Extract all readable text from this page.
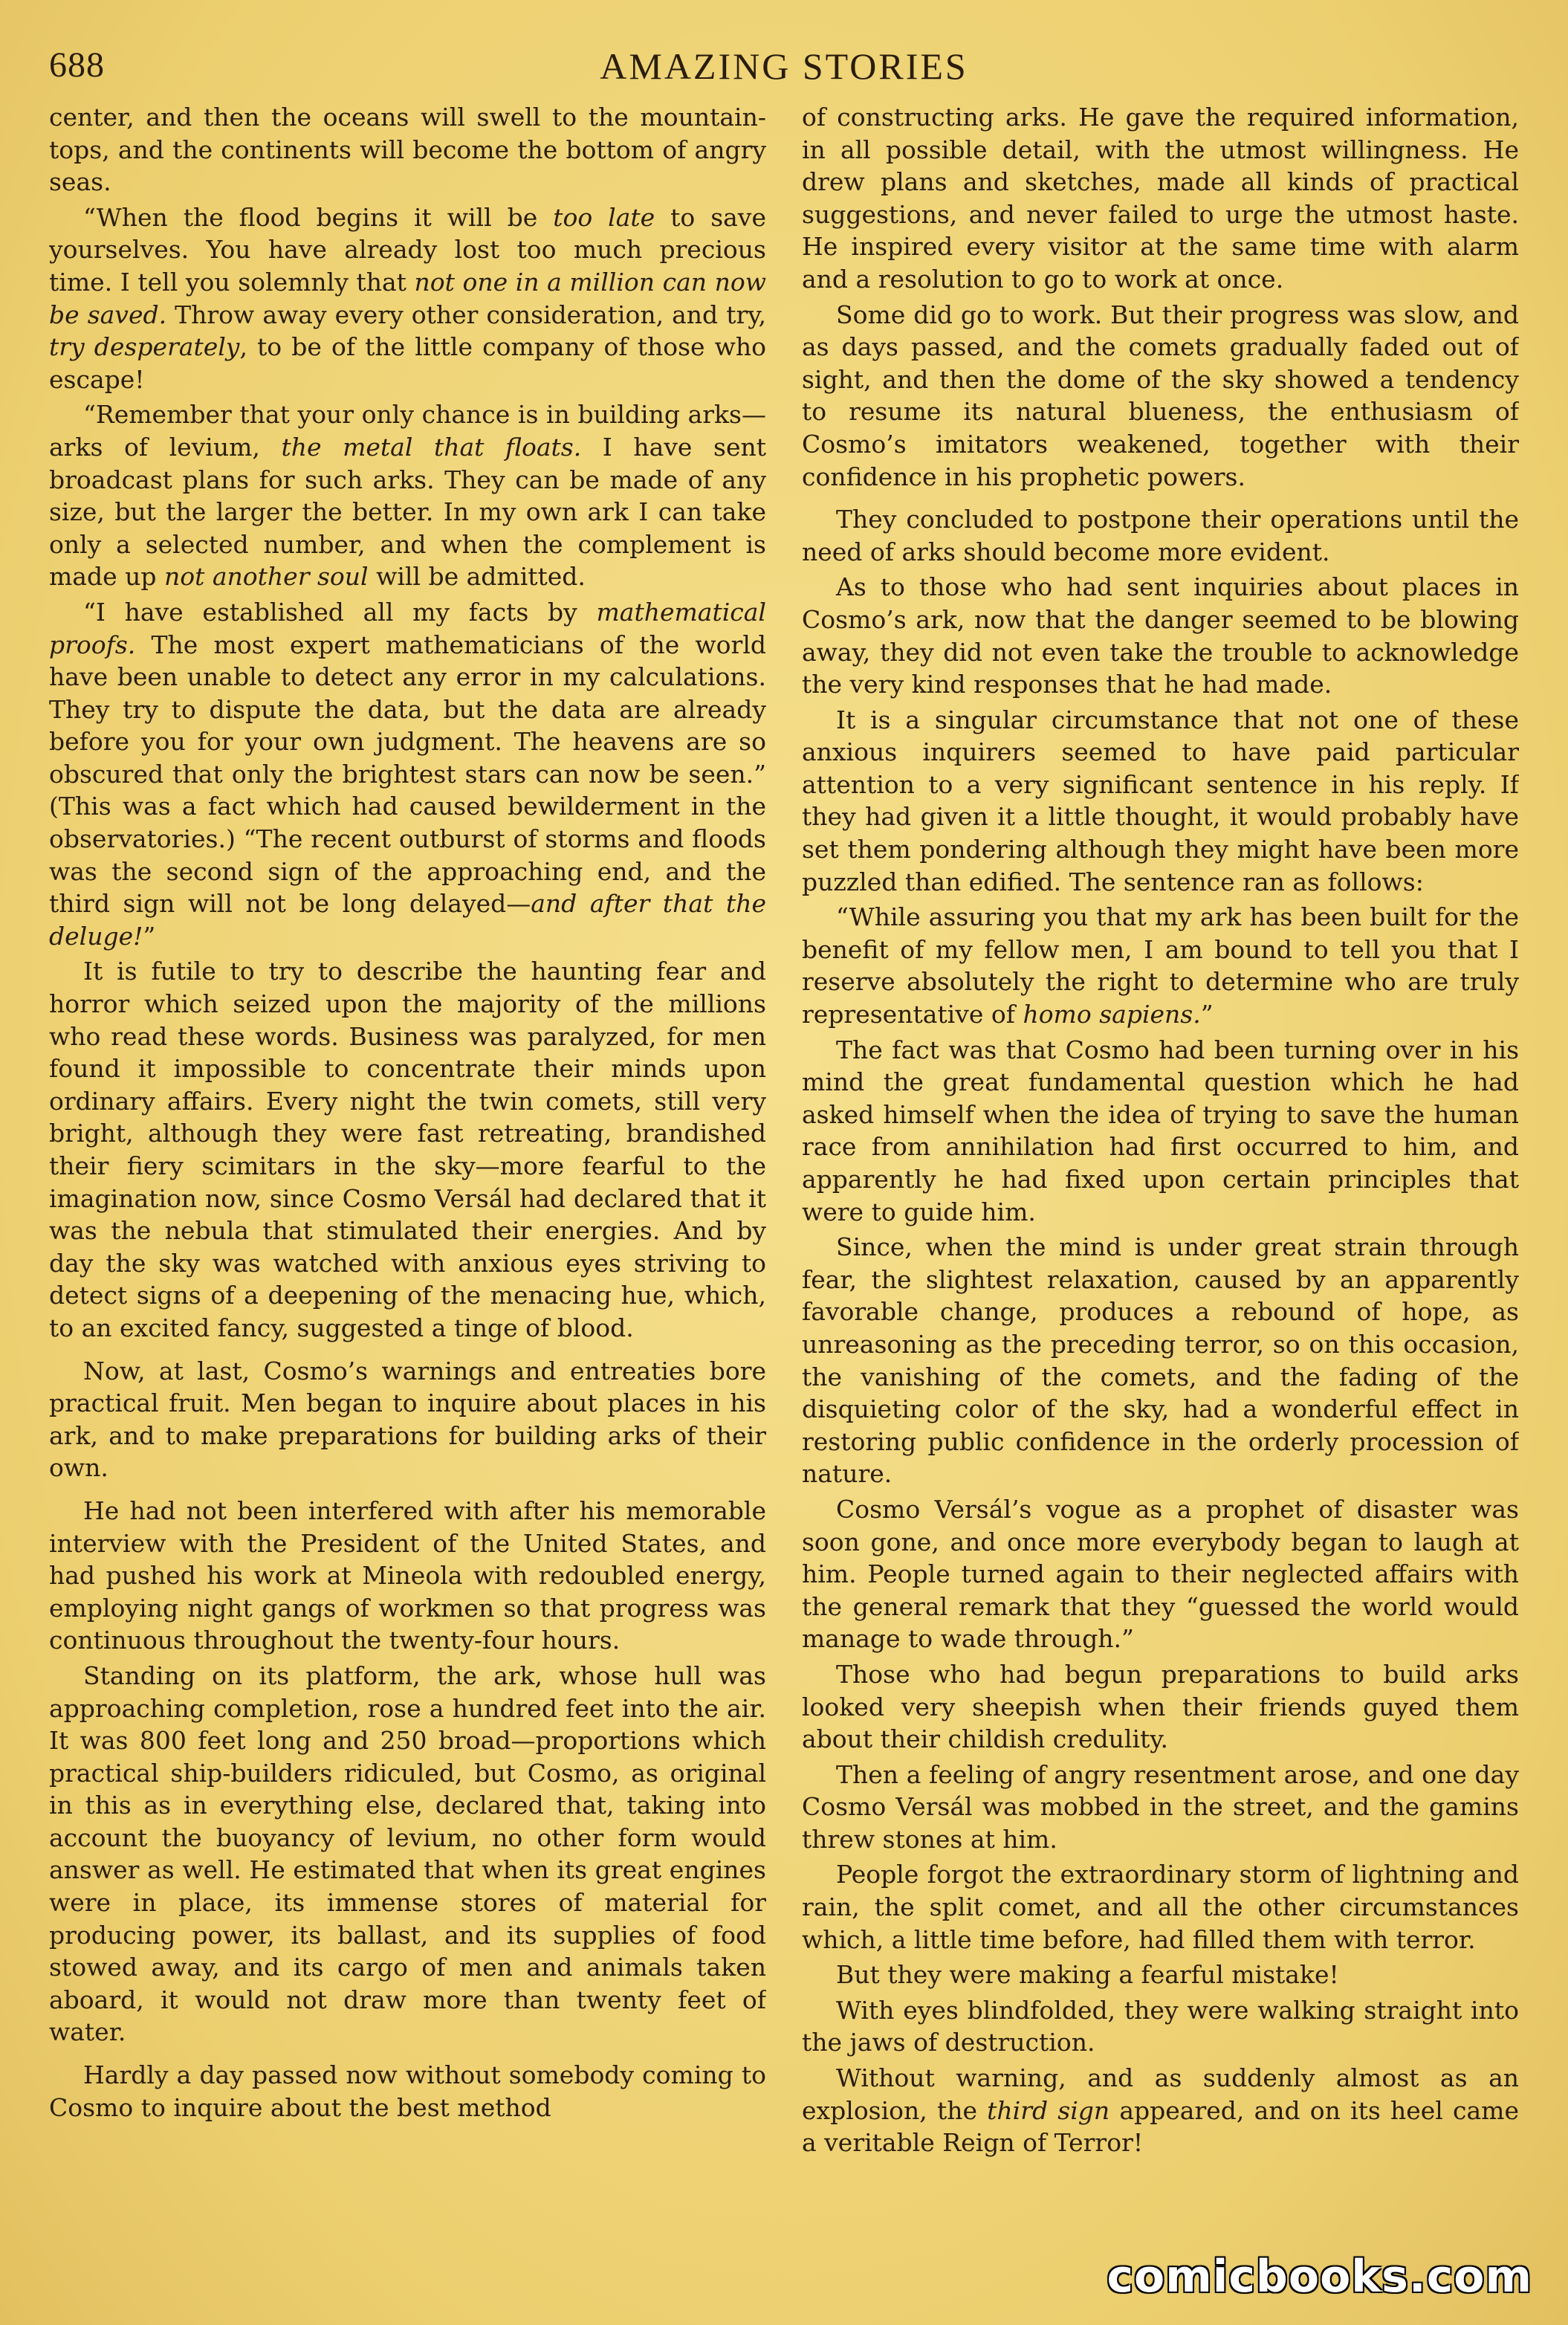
688	AMAZING STORIES

center, and then the oceans will swell to the mountain-tops, and the continents will become the bottom of angry seas.

“When the flood begins it will be too late to save yourselves. You have already lost too much precious time. I tell you solemnly that not one in a million can now be saved. Throw away every other consideration, and try, try desperately, to be of the little company of those who escape!

“Remember that your only chance is in building arks—arks of levium, the metal that floats. I have sent broadcast plans for such arks. They can be made of any size, but the larger the better. In my own ark I can take only a selected number, and when the complement is made up not another soul will be admitted.

“I have established all my facts by mathematical proofs. The most expert mathematicians of the world have been unable to detect any error in my calculations. They try to dispute the data, but the data are already before you for your own judgment. The heavens are so obscured that only the brightest stars can now be seen.” (This was a fact which had caused bewilderment in the observatories.) “The recent outburst of storms and floods was the second sign of the approaching end, and the third sign will not be long delayed—and after that the deluge!”

It is futile to try to describe the haunting fear and horror which seized upon the majority of the millions who read these words. Business was paralyzed, for men found it impossible to concentrate their minds upon ordinary affairs. Every night the twin comets, still very bright, although they were fast retreating, brandished their fiery scimitars in the sky—more fearful to the imagination now, since Cosmo Versál had declared that it was the nebula that stimulated their energies. And by day the sky was watched with anxious eyes striving to detect signs of a deepening of the menacing hue, which, to an excited fancy, suggested a tinge of blood.

Now, at last, Cosmo’s warnings and entreaties bore practical fruit. Men began to inquire about places in his ark, and to make preparations for building arks of their own.

He had not been interfered with after his memorable interview with the President of the United States, and had pushed his work at Mineola with redoubled energy, employing night gangs of workmen so that progress was continuous throughout the twenty-four hours.

Standing on its platform, the ark, whose hull was approaching completion, rose a hundred feet into the air. It was 800 feet long and 250 broad—proportions which practical ship-builders ridiculed, but Cosmo, as original in this as in everything else, declared that, taking into account the buoyancy of levium, no other form would answer as well. He estimated that when its great engines were in place, its immense stores of material for producing power, its ballast, and its supplies of food stowed away, and its cargo of men and animals taken aboard, it would not draw more than twenty feet of water.

Hardly a day passed now without somebody coming to Cosmo to inquire about the best method

of constructing arks. He gave the required information, in all possible detail, with the utmost willingness. He drew plans and sketches, made all kinds of practical suggestions, and never failed to urge the utmost haste. He inspired every visitor at the same time with alarm and a resolution to go to work at once.

Some did go to work. But their progress was slow, and as days passed, and the comets gradually faded out of sight, and then the dome of the sky showed a tendency to resume its natural blueness, the enthusiasm of Cosmo’s imitators weakened, together with their confidence in his prophetic powers.

They concluded to postpone their operations until the need of arks should become more evident.

As to those who had sent inquiries about places in Cosmo’s ark, now that the danger seemed to be blowing away, they did not even take the trouble to acknowledge the very kind responses that he had made.

It is a singular circumstance that not one of these anxious inquirers seemed to have paid particular attention to a very significant sentence in his reply. If they had given it a little thought, it would probably have set them pondering although they might have been more puzzled than edified. The sentence ran as follows:

“While assuring you that my ark has been built for the benefit of my fellow men, I am bound to tell you that I reserve absolutely the right to determine who are truly representative of homo sapiens.”

The fact was that Cosmo had been turning over in his mind the great fundamental question which he had asked himself when the idea of trying to save the human race from annihilation had first occurred to him, and apparently he had fixed upon certain principles that were to guide him.

Since, when the mind is under great strain through fear, the slightest relaxation, caused by an apparently favorable change, produces a rebound of hope, as unreasoning as the preceding terror, so on this occasion, the vanishing of the comets, and the fading of the disquieting color of the sky, had a wonderful effect in restoring public confidence in the orderly procession of nature.

Cosmo Versál’s vogue as a prophet of disaster was soon gone, and once more everybody began to laugh at him. People turned again to their neglected affairs with the general remark that they “guessed the world would manage to wade through.”

Those who had begun preparations to build arks looked very sheepish when their friends guyed them about their childish credulity.

Then a feeling of angry resentment arose, and one day Cosmo Versál was mobbed in the street, and the gamins threw stones at him.

People forgot the extraordinary storm of lightning and rain, the split comet, and all the other circumstances which, a little time before, had filled them with terror.

But they were making a fearful mistake!

With eyes blindfolded, they were walking straight into the jaws of destruction.

Without warning, and as suddenly almost as an explosion, the third sign appeared, and on its heel came a veritable Reign of Terror!

comicbooks.com
